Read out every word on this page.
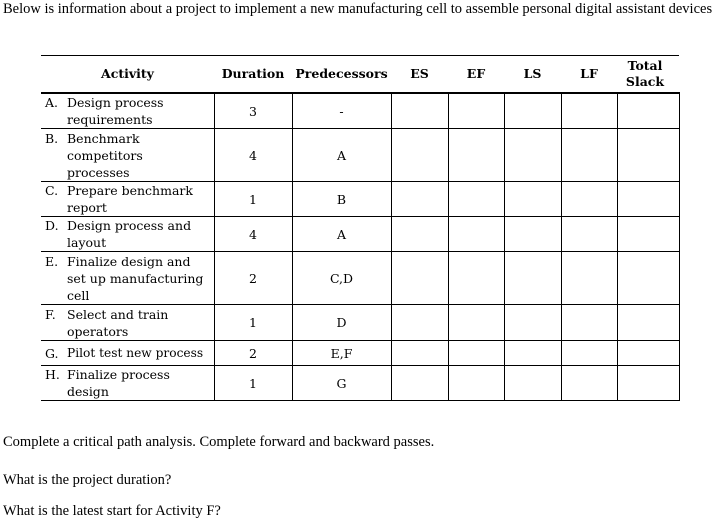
Below is information about a project to implement a new manufacturing cell to assemble personal digital assistant devices
Activity	Duration	Predecessors	ES	EF	LS	LF	Total Slack

A. Design process requirements	3	-					

B. Benchmark competitors processes	4	A					

C. Prepare benchmark report	1	B					

D. Design process and layout	4	A					

E. Finalize design and set up manufacturing cell	2	C,D					

F. Select and train operators	1	D					

G. Pilot test new process	2	E,F					

H. Finalize process design	1	G					
Complete a critical path analysis. Complete forward and backward passes.
What is the project duration?
What is the latest start for Activity F?
